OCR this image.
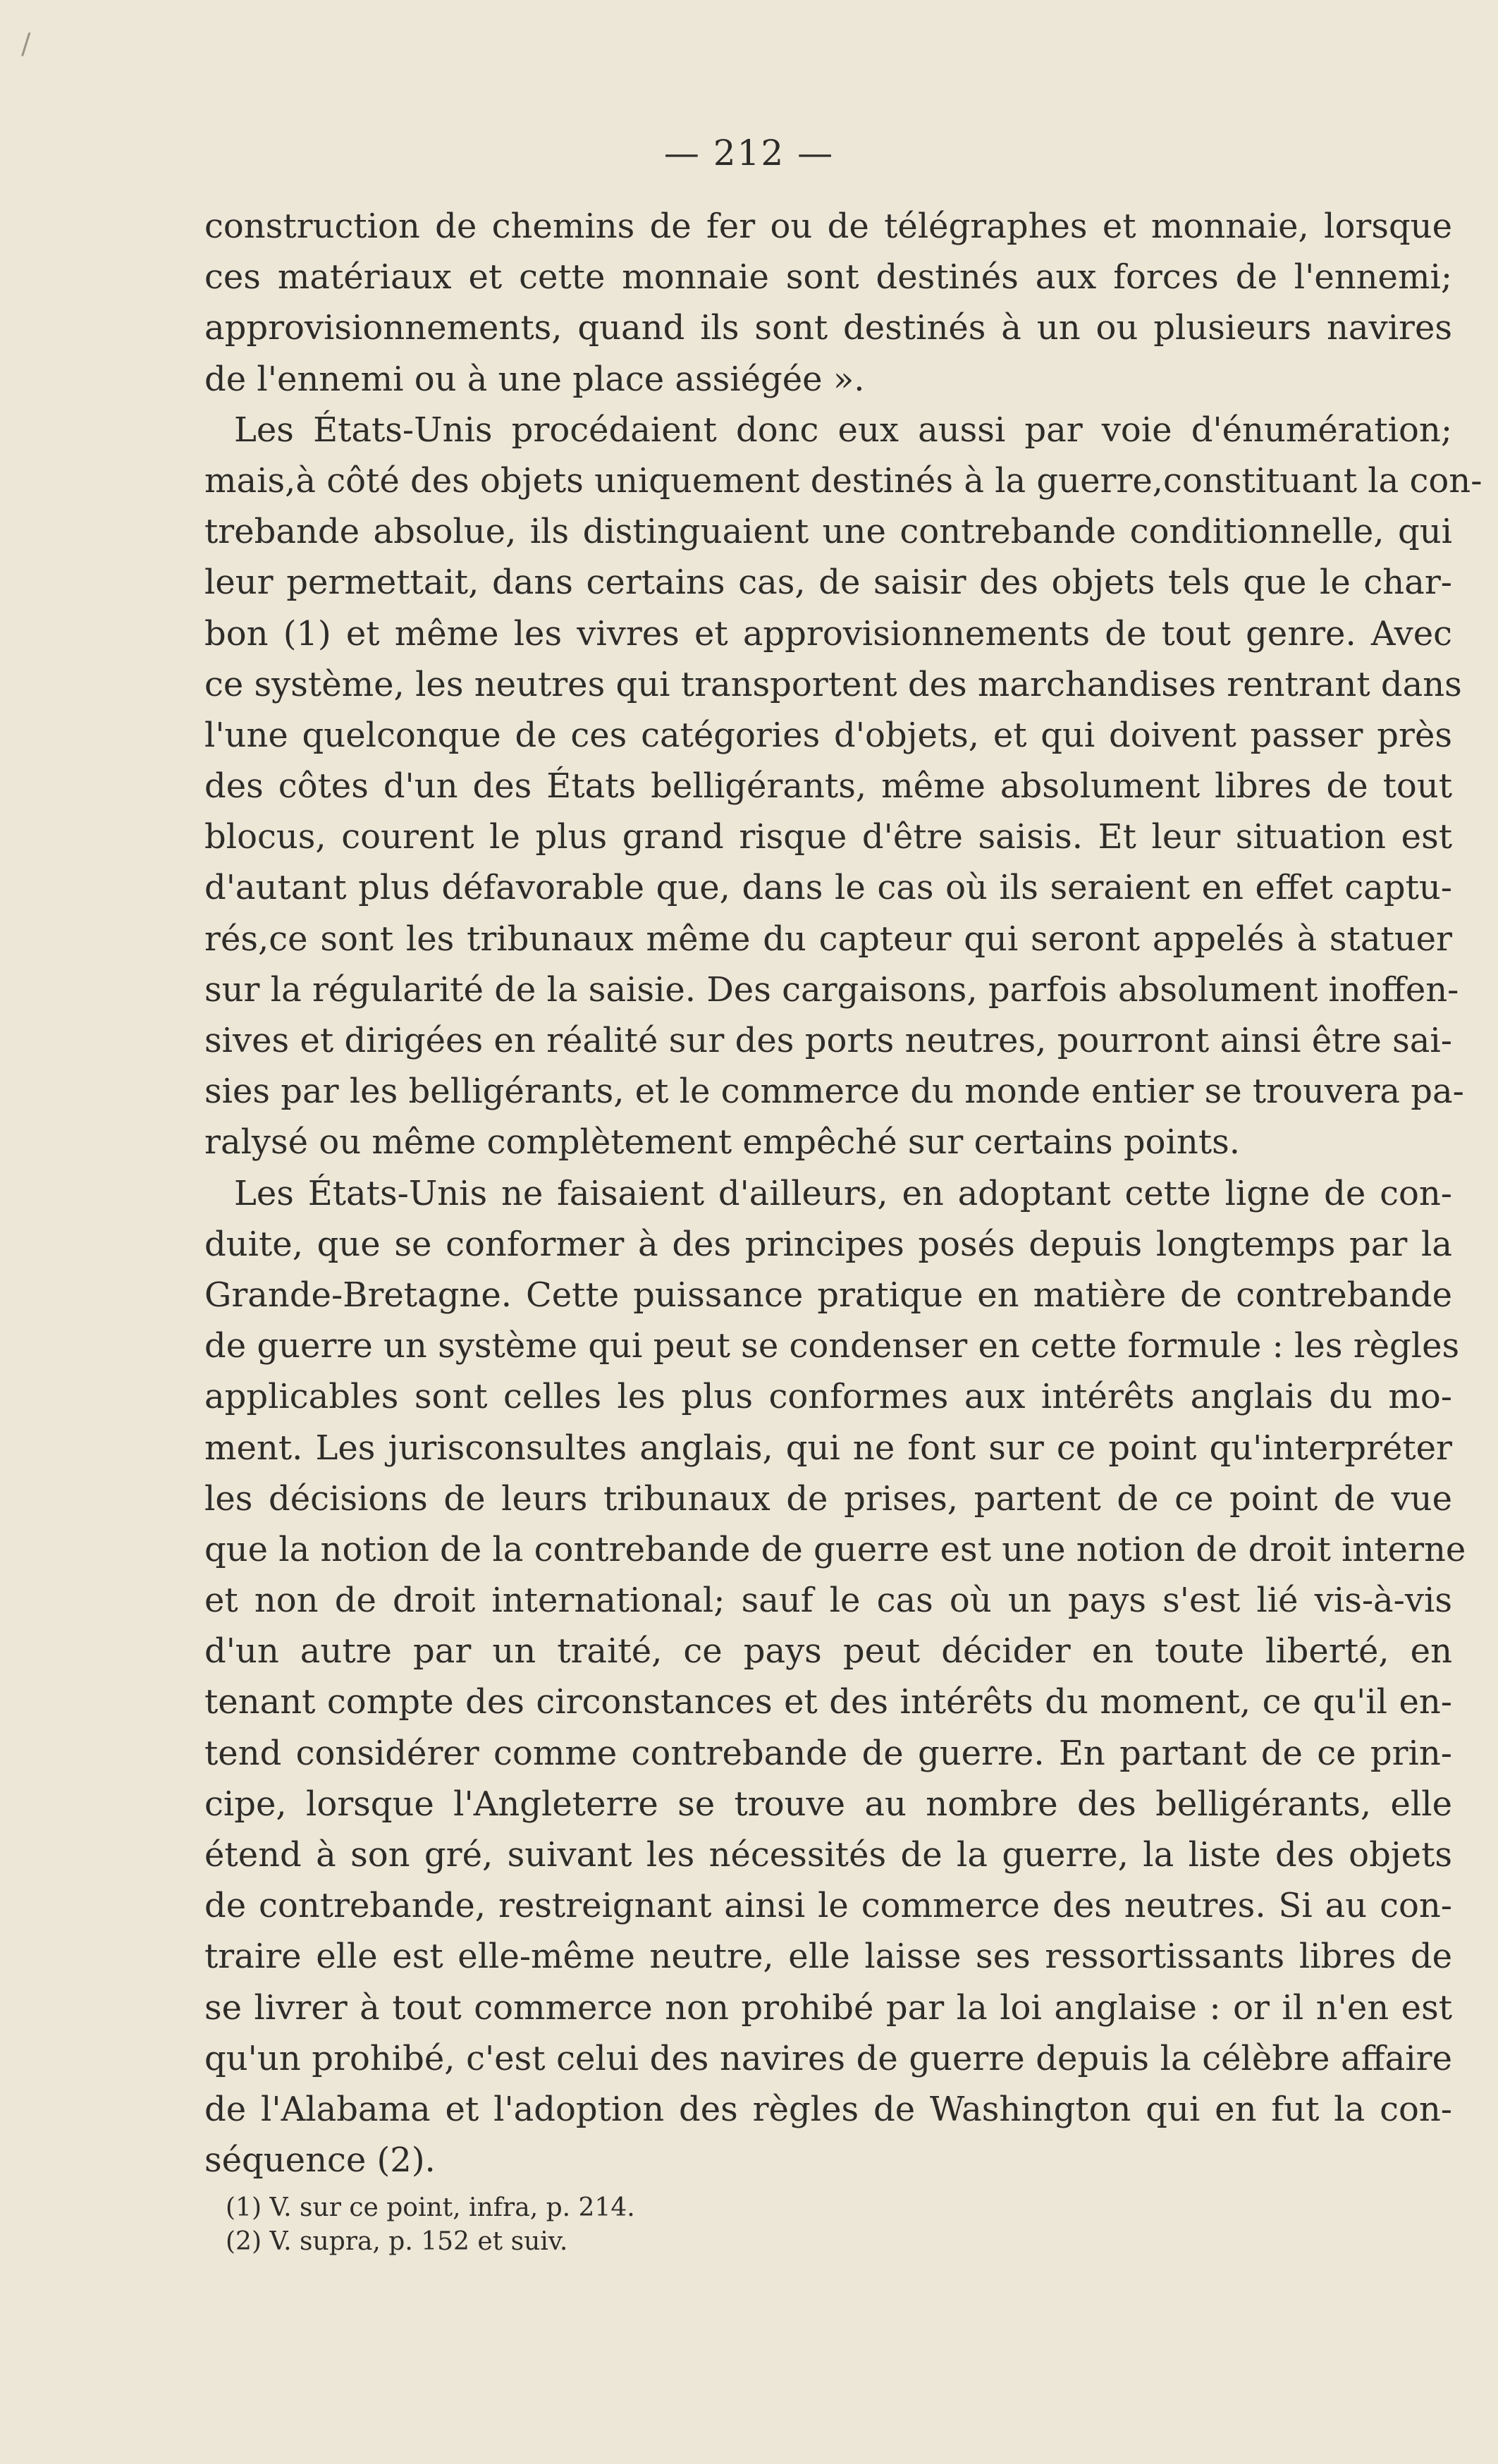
/
— 212 —
construction de chemins de fer ou de télégraphes et monnaie, lorsque
ces matériaux et cette monnaie sont destinés aux forces de l'ennemi;
approvisionnements, quand ils sont destinés à un ou plusieurs navires
de l'ennemi ou à une place assiégée ».
Les États-Unis procédaient donc eux aussi par voie d'énumération;
mais,à côté des objets uniquement destinés à la guerre,constituant la con-
trebande absolue, ils distinguaient une contrebande conditionnelle, qui
leur permettait, dans certains cas, de saisir des objets tels que le char-
bon (1) et même les vivres et approvisionnements de tout genre. Avec
ce système, les neutres qui transportent des marchandises rentrant dans
l'une quelconque de ces catégories d'objets, et qui doivent passer près
des côtes d'un des États belligérants, même absolument libres de tout
blocus, courent le plus grand risque d'être saisis. Et leur situation est
d'autant plus défavorable que, dans le cas où ils seraient en effet captu-
rés,ce sont les tribunaux même du capteur qui seront appelés à statuer
sur la régularité de la saisie. Des cargaisons, parfois absolument inoffen-
sives et dirigées en réalité sur des ports neutres, pourront ainsi être sai-
sies par les belligérants, et le commerce du monde entier se trouvera pa-
ralysé ou même complètement empêché sur certains points.
Les États-Unis ne faisaient d'ailleurs, en adoptant cette ligne de con-
duite, que se conformer à des principes posés depuis longtemps par la
Grande-Bretagne. Cette puissance pratique en matière de contrebande
de guerre un système qui peut se condenser en cette formule : les règles
applicables sont celles les plus conformes aux intérêts anglais du mo-
ment. Les jurisconsultes anglais, qui ne font sur ce point qu'interpréter
les décisions de leurs tribunaux de prises, partent de ce point de vue
que la notion de la contrebande de guerre est une notion de droit interne
et non de droit international; sauf le cas où un pays s'est lié vis-à-vis
d'un autre par un traité, ce pays peut décider en toute liberté, en
tenant compte des circonstances et des intérêts du moment, ce qu'il en-
tend considérer comme contrebande de guerre. En partant de ce prin-
cipe, lorsque l'Angleterre se trouve au nombre des belligérants, elle
étend à son gré, suivant les nécessités de la guerre, la liste des objets
de contrebande, restreignant ainsi le commerce des neutres. Si au con-
traire elle est elle-même neutre, elle laisse ses ressortissants libres de
se livrer à tout commerce non prohibé par la loi anglaise : or il n'en est
qu'un prohibé, c'est celui des navires de guerre depuis la célèbre affaire
de l'Alabama et l'adoption des règles de Washington qui en fut la con-
séquence (2).
(1) V. sur ce point, infra, p. 214.
(2) V. supra, p. 152 et suiv.
